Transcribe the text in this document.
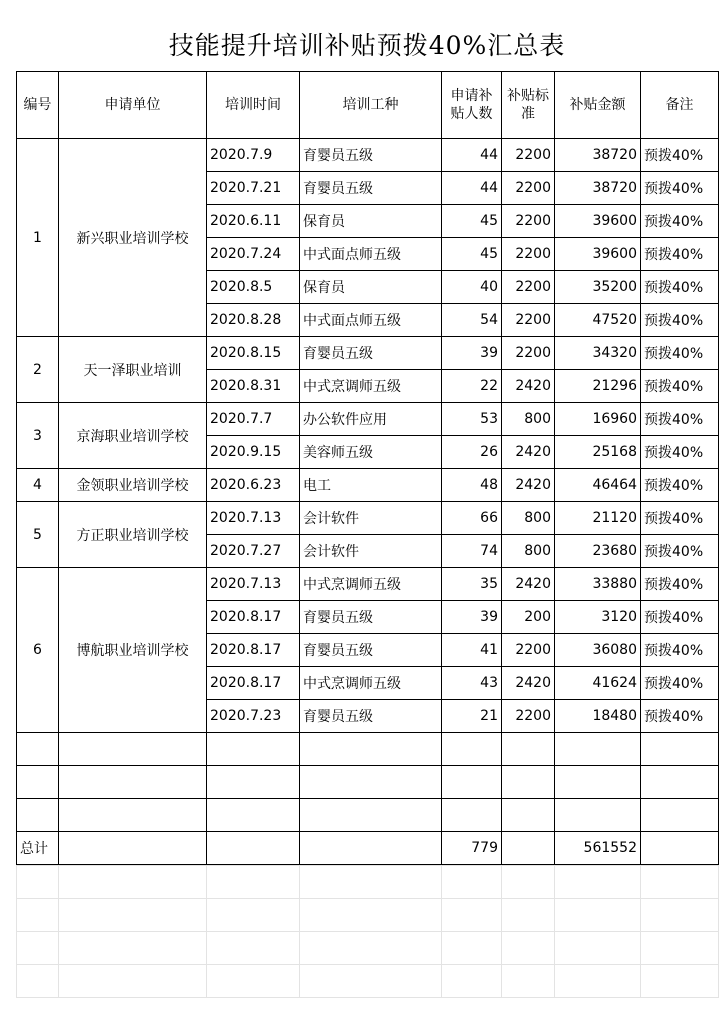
技能提升培训补贴预拨40%汇总表
编号	申请单位	培训时间	培训工种	申请补贴人数	补贴标准	补贴金额	备注
1	新兴职业培训学校	2020.7.9	育婴员五级	44	2200	38720	预拨40%
		2020.7.21	育婴员五级	44	2200	38720	预拨40%
		2020.6.11	保育员	45	2200	39600	预拨40%
		2020.7.24	中式面点师五级	45	2200	39600	预拨40%
		2020.8.5	保育员	40	2200	35200	预拨40%
		2020.8.28	中式面点师五级	54	2200	47520	预拨40%
2	天一泽职业培训	2020.8.15	育婴员五级	39	2200	34320	预拨40%
		2020.8.31	中式烹调师五级	22	2420	21296	预拨40%
3	京海职业培训学校	2020.7.7	办公软件应用	53	800	16960	预拨40%
		2020.9.15	美容师五级	26	2420	25168	预拨40%
4	金领职业培训学校	2020.6.23	电工	48	2420	46464	预拨40%
5	方正职业培训学校	2020.7.13	会计软件	66	800	21120	预拨40%
		2020.7.27	会计软件	74	800	23680	预拨40%
6	博航职业培训学校	2020.7.13	中式烹调师五级	35	2420	33880	预拨40%
		2020.8.17	育婴员五级	39	200	3120	预拨40%
		2020.8.17	育婴员五级	41	2200	36080	预拨40%
		2020.8.17	中式烹调师五级	43	2420	41624	预拨40%
		2020.7.23	育婴员五级	21	2200	18480	预拨40%

总计				779		561552	
